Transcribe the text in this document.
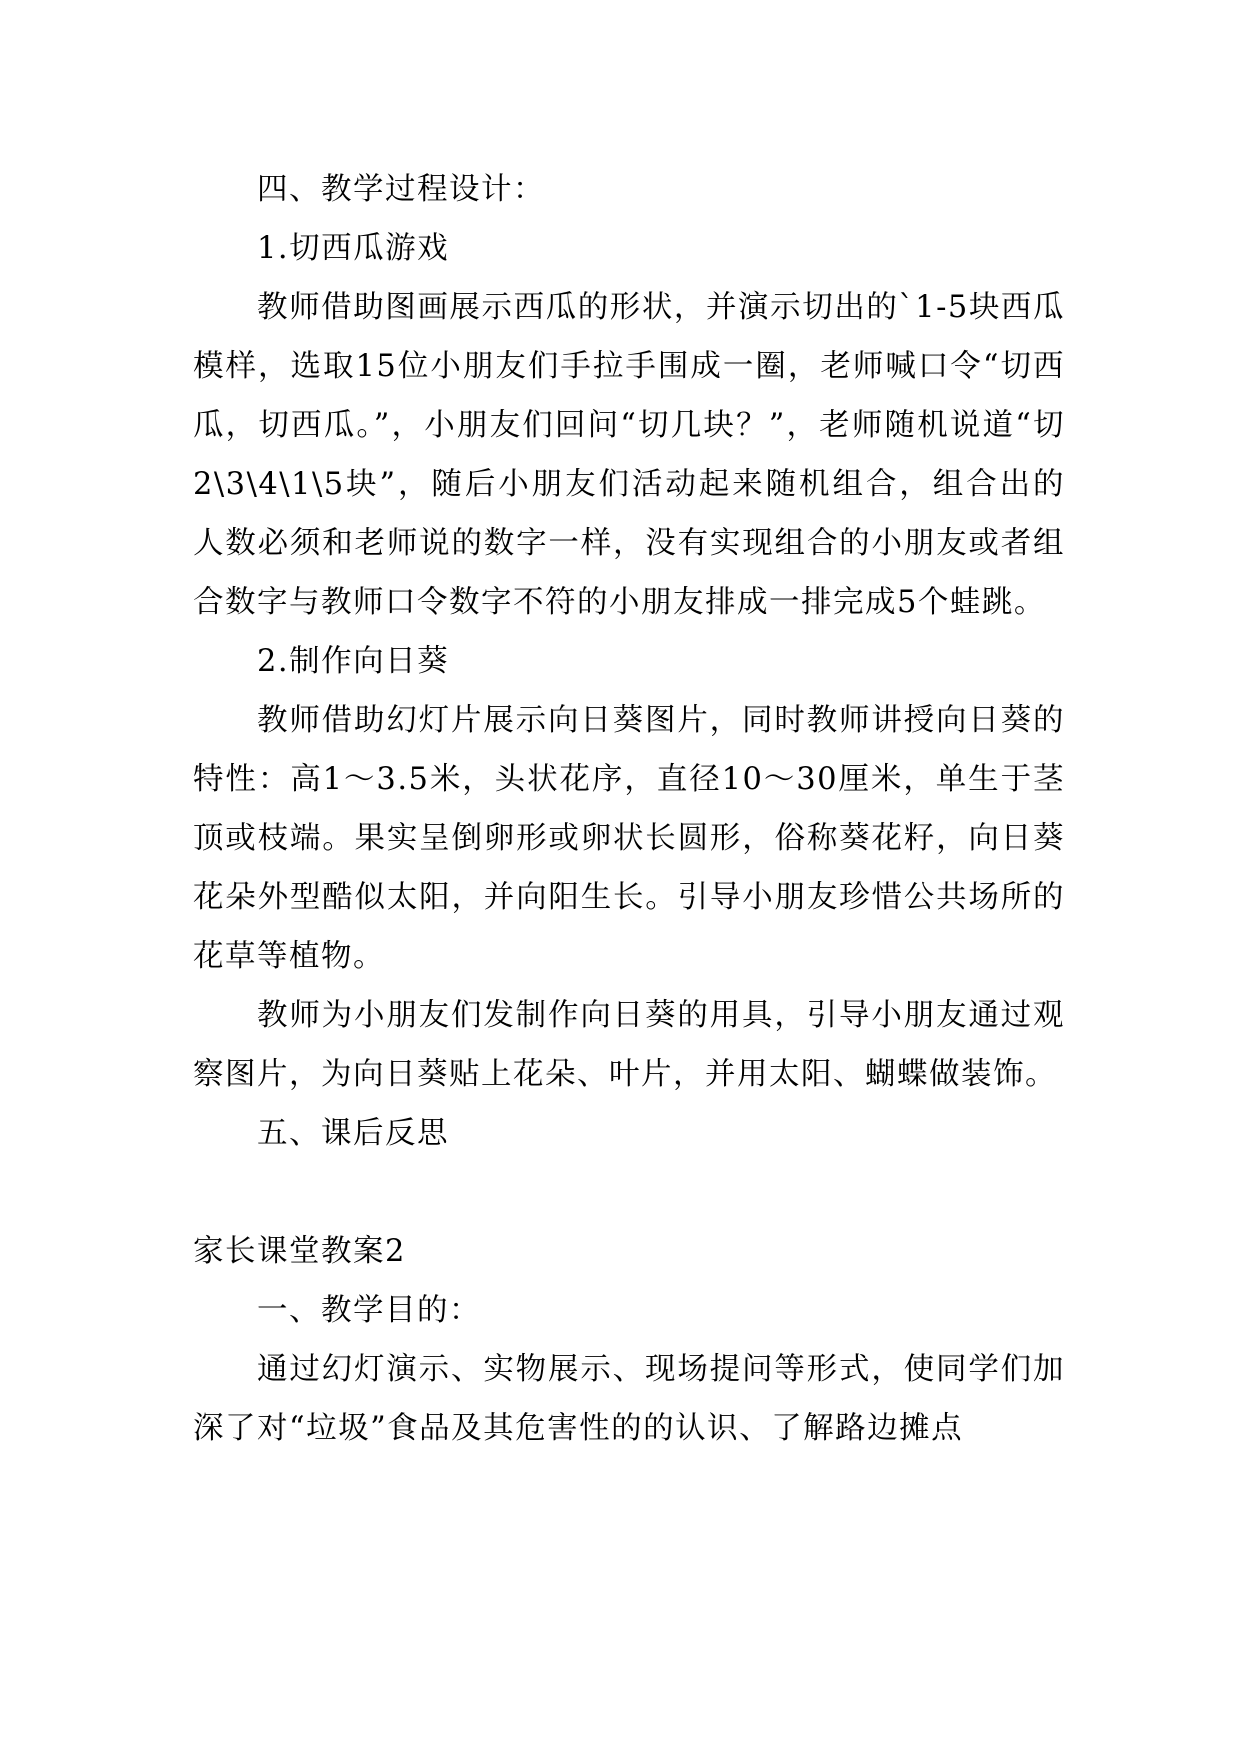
四、教学过程设计：

1.切西瓜游戏

教师借助图画展示西瓜的形状，并演示切出的`1-5块西瓜模样，选取15位小朋友们手拉手围成一圈，老师喊口令“切西瓜，切西瓜。”，小朋友们回问“切几块？”，老师随机说道“切2\3\4\1\5块”，随后小朋友们活动起来随机组合，组合出的人数必须和老师说的数字一样，没有实现组合的小朋友或者组合数字与教师口令数字不符的小朋友排成一排完成5个蛙跳。

2.制作向日葵

教师借助幻灯片展示向日葵图片，同时教师讲授向日葵的特性：高1～3.5米，头状花序，直径10～30厘米，单生于茎顶或枝端。果实呈倒卵形或卵状长圆形，俗称葵花籽，向日葵花朵外型酷似太阳，并向阳生长。引导小朋友珍惜公共场所的花草等植物。

教师为小朋友们发制作向日葵的用具，引导小朋友通过观察图片，为向日葵贴上花朵、叶片，并用太阳、蝴蝶做装饰。

五、课后反思

家长课堂教案2

一、教学目的：

通过幻灯演示、实物展示、现场提问等形式，使同学们加深了对“垃圾”食品及其危害性的的认识、了解路边摊点
